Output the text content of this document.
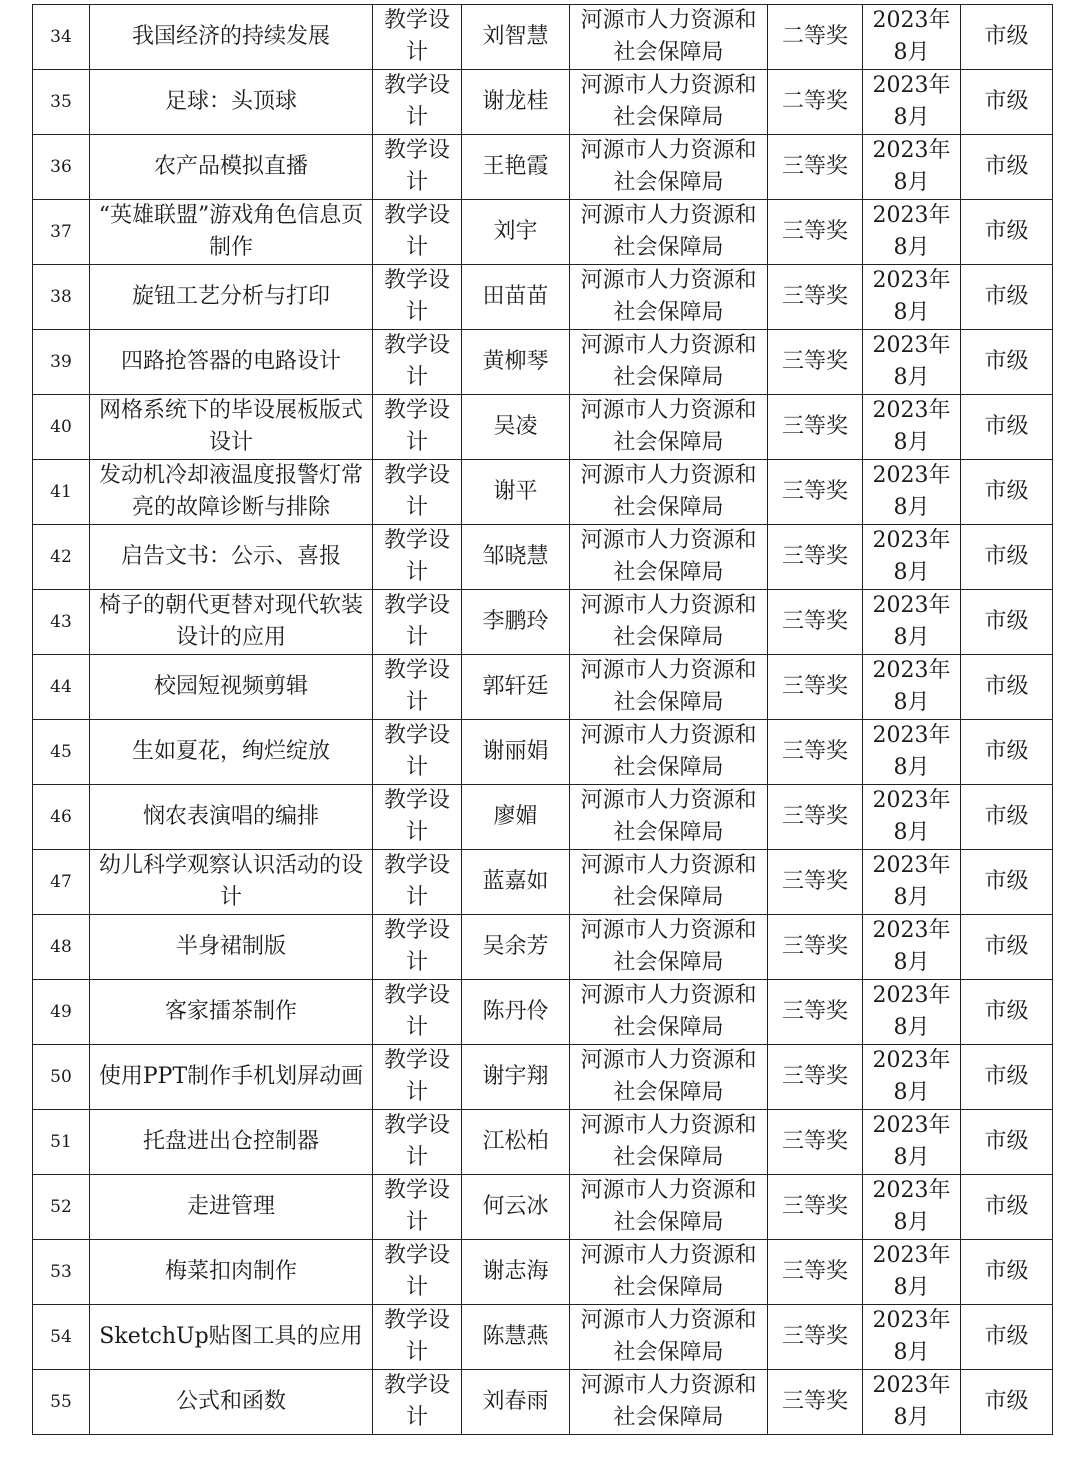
34	我国经济的持续发展	教学设计	刘智慧	河源市人力资源和社会保障局	二等奖	2023年8月	市级
35	足球：头顶球	教学设计	谢龙桂	河源市人力资源和社会保障局	二等奖	2023年8月	市级
36	农产品模拟直播	教学设计	王艳霞	河源市人力资源和社会保障局	三等奖	2023年8月	市级
37	“英雄联盟”游戏角色信息页制作	教学设计	刘宇	河源市人力资源和社会保障局	三等奖	2023年8月	市级
38	旋钮工艺分析与打印	教学设计	田苗苗	河源市人力资源和社会保障局	三等奖	2023年8月	市级
39	四路抢答器的电路设计	教学设计	黄柳琴	河源市人力资源和社会保障局	三等奖	2023年8月	市级
40	网格系统下的毕设展板版式设计	教学设计	吴凌	河源市人力资源和社会保障局	三等奖	2023年8月	市级
41	发动机冷却液温度报警灯常亮的故障诊断与排除	教学设计	谢平	河源市人力资源和社会保障局	三等奖	2023年8月	市级
42	启告文书：公示、喜报	教学设计	邹晓慧	河源市人力资源和社会保障局	三等奖	2023年8月	市级
43	椅子的朝代更替对现代软装设计的应用	教学设计	李鹏玲	河源市人力资源和社会保障局	三等奖	2023年8月	市级
44	校园短视频剪辑	教学设计	郭轩廷	河源市人力资源和社会保障局	三等奖	2023年8月	市级
45	生如夏花，绚烂绽放	教学设计	谢丽娟	河源市人力资源和社会保障局	三等奖	2023年8月	市级
46	悯农表演唱的编排	教学设计	廖媚	河源市人力资源和社会保障局	三等奖	2023年8月	市级
47	幼儿科学观察认识活动的设计	教学设计	蓝嘉如	河源市人力资源和社会保障局	三等奖	2023年8月	市级
48	半身裙制版	教学设计	吴余芳	河源市人力资源和社会保障局	三等奖	2023年8月	市级
49	客家擂茶制作	教学设计	陈丹伶	河源市人力资源和社会保障局	三等奖	2023年8月	市级
50	使用PPT制作手机划屏动画	教学设计	谢宇翔	河源市人力资源和社会保障局	三等奖	2023年8月	市级
51	托盘进出仓控制器	教学设计	江松柏	河源市人力资源和社会保障局	三等奖	2023年8月	市级
52	走进管理	教学设计	何云冰	河源市人力资源和社会保障局	三等奖	2023年8月	市级
53	梅菜扣肉制作	教学设计	谢志海	河源市人力资源和社会保障局	三等奖	2023年8月	市级
54	SketchUp贴图工具的应用	教学设计	陈慧燕	河源市人力资源和社会保障局	三等奖	2023年8月	市级
55	公式和函数	教学设计	刘春雨	河源市人力资源和社会保障局	三等奖	2023年8月	市级
